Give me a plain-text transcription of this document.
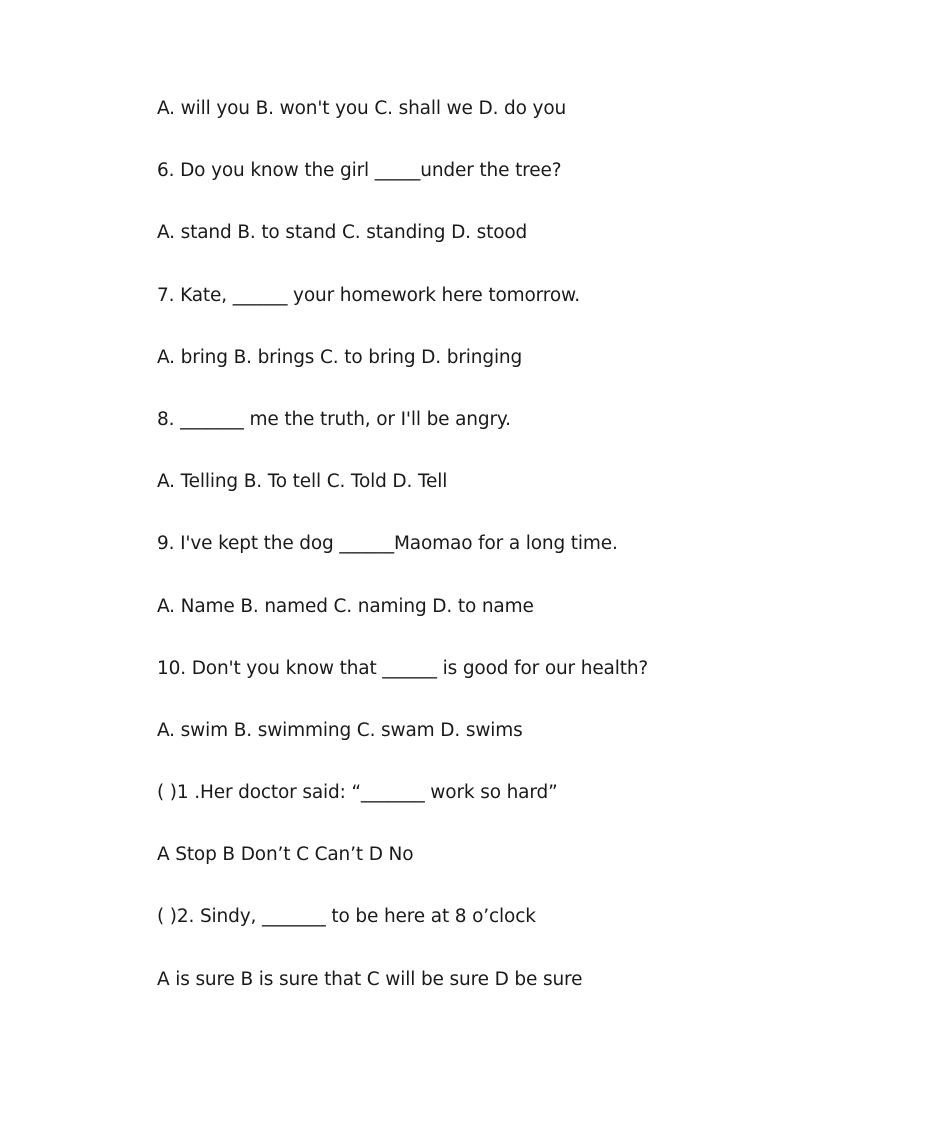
A. will you B. won't you C. shall we D. do you
6. Do you know the girl _____under the tree?
A. stand B. to stand C. standing D. stood
7. Kate, ______ your homework here tomorrow.
A. bring B. brings C. to bring D. bringing
8. _______ me the truth, or I'll be angry.
A. Telling B. To tell C. Told D. Tell
9. I've kept the dog ______Maomao for a long time.
A. Name B. named C. naming D. to name
10. Don't you know that ______ is good for our health?
A. swim B. swimming C. swam D. swims
( )1 .Her doctor said: “_______ work so hard”
A Stop B Don’t C Can’t D No
( )2. Sindy, _______ to be here at 8 o’clock
A is sure B is sure that C will be sure D be sure
